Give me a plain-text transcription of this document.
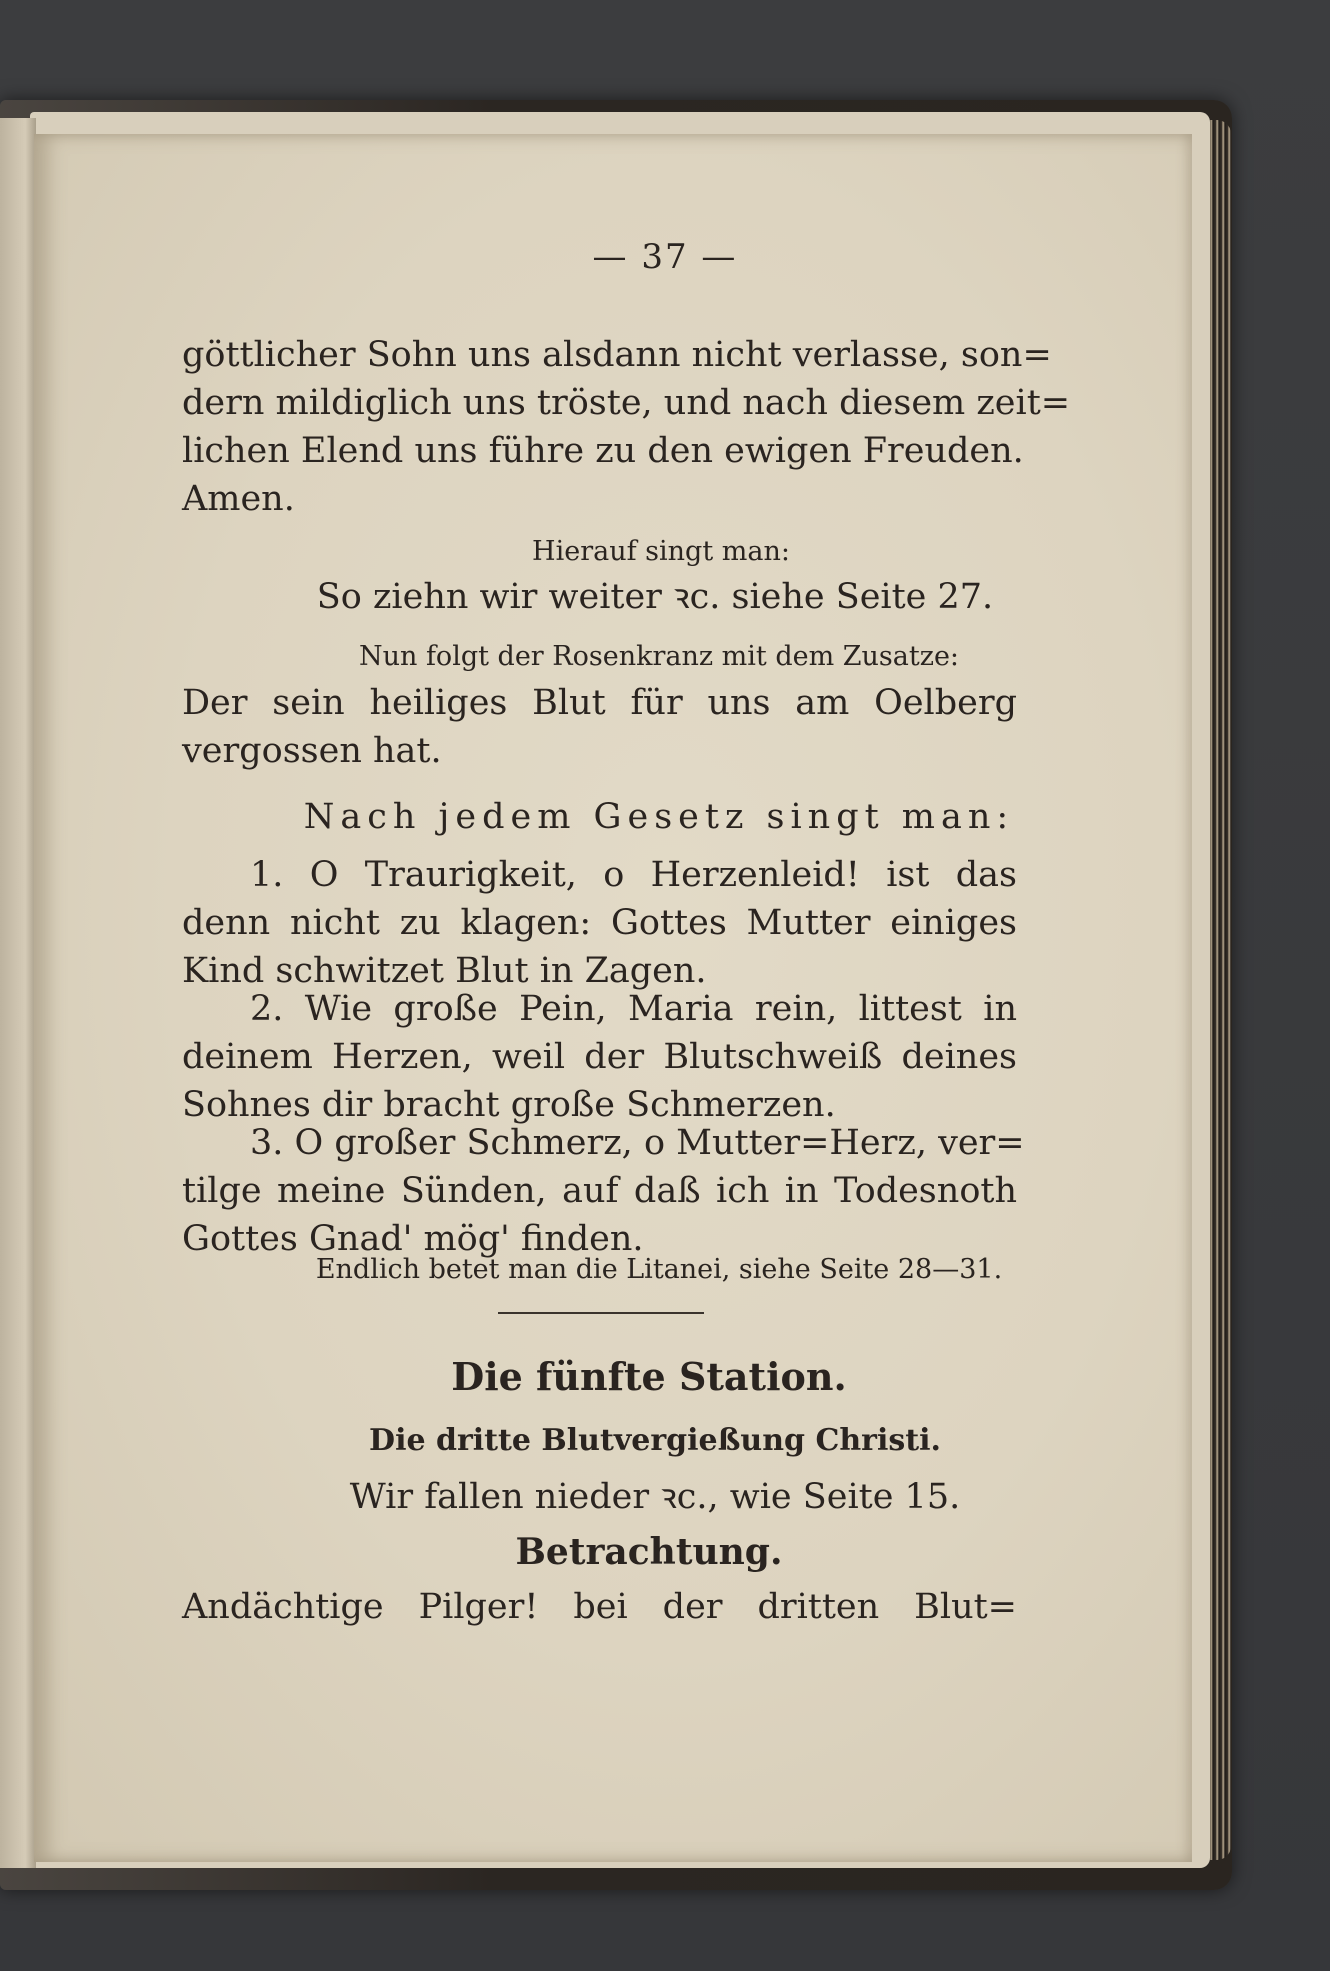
— 37 —
göttlicher Sohn uns alsdann nicht verlasse, son=
dern mildiglich uns tröste, und nach diesem zeit=
lichen Elend uns führe zu den ewigen Freuden.
Amen.
Hierauf singt man:
So ziehn wir weiter ꝛc. siehe Seite 27.
Nun folgt der Rosenkranz mit dem Zusatze:
Der sein heiliges Blut für uns am Oelberg
vergossen hat.
Nach jedem Gesetz singt man:
1. O Traurigkeit, o Herzenleid! ist das
denn nicht zu klagen: Gottes Mutter einiges
Kind schwitzet Blut in Zagen.
2. Wie große Pein, Maria rein, littest in
deinem Herzen, weil der Blutschweiß deines
Sohnes dir bracht große Schmerzen.
3. O großer Schmerz, o Mutter=Herz, ver=
tilge meine Sünden, auf daß ich in Todesnoth
Gottes Gnad' mög' finden.
Endlich betet man die Litanei, siehe Seite 28—31.
Die fünfte Station.
Die dritte Blutvergießung Christi.
Wir fallen nieder ꝛc., wie Seite 15.
Betrachtung.
Andächtige Pilger! bei der dritten Blut=
